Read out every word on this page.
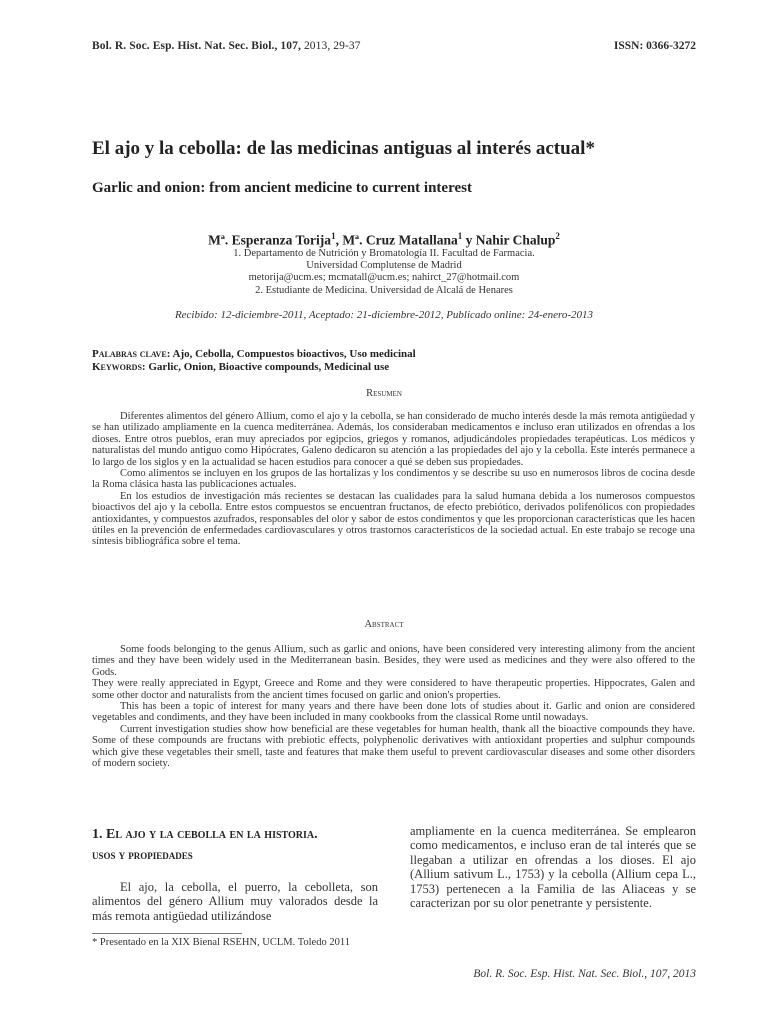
Bol. R. Soc. Esp. Hist. Nat. Sec. Biol., 107, 2013, 29-37	ISSN: 0366-3272
El ajo y la cebolla: de las medicinas antiguas al interés actual*
Garlic and onion: from ancient medicine to current interest
Mª. Esperanza Torija$^1$, Mª. Cruz Matallana$^1$ y Nahir Chalup$^2$
1. Departamento de Nutrición y Bromatología II. Facultad de Farmacia.
Universidad Complutense de Madrid
metorija@ucm.es; mcmatall@ucm.es; nahirct_27@hotmail.com
2. Estudiante de Medicina. Universidad de Alcalá de Henares
Recibido: 12-diciembre-2011, Aceptado: 21-diciembre-2012, Publicado online: 24-enero-2013
Palabras clave: Ajo, Cebolla, Compuestos bioactivos, Uso medicinal
Keywords: Garlic, Onion, Bioactive compounds, Medicinal use
Resumen

Diferentes alimentos del género Allium, como el ajo y la cebolla, se han considerado de mucho interés desde la más remota antigüedad y se han utilizado ampliamente en la cuenca mediterránea. Además, los consideraban medicamentos e incluso eran utilizados en ofrendas a los dioses. Entre otros pueblos, eran muy apreciados por egipcios, griegos y romanos, adjudicándoles propiedades terapéuticas. Los médicos y naturalistas del mundo antiguo como Hipócrates, Galeno dedicaron su atención a las propiedades del ajo y la cebolla. Este interés permanece a lo largo de los siglos y en la actualidad se hacen estudios para conocer a qué se deben sus propiedades.

Como alimentos se incluyen en los grupos de las hortalizas y los condimentos y se describe su uso en numerosos libros de cocina desde la Roma clásica hasta las publicaciones actuales.

En los estudios de investigación más recientes se destacan las cualidades para la salud humana debida a los numerosos compuestos bioactivos del ajo y la cebolla. Entre estos compuestos se encuentran fructanos, de efecto prebiótico, derivados polifenólicos con propiedades antioxidantes, y compuestos azufrados, responsables del olor y sabor de estos condimentos y que les proporcionan características que les hacen útiles en la prevención de enfermedades cardiovasculares y otros trastornos característicos de la sociedad actual. En este trabajo se recoge una síntesis bibliográfica sobre el tema.

Abstract

Some foods belonging to the genus Allium, such as garlic and onions, have been considered very interesting alimony from the ancient times and they have been widely used in the Mediterranean basin. Besides, they were used as medicines and they were also offered to the Gods.

They were really appreciated in Egypt, Greece and Rome and they were considered to have therapeutic properties. Hippocrates, Galen and some other doctor and naturalists from the ancient times focused on garlic and onion's properties.

This has been a topic of interest for many years and there have been done lots of studies about it. Garlic and onion are considered vegetables and condiments, and they have been included in many cookbooks from the classical Rome until nowadays.

Current investigation studies show how beneficial are these vegetables for human health, thank all the bioactive compounds they have. Some of these compounds are fructans with prebiotic effects, polyphenolic derivatives with antioxidant properties and sulphur compounds which give these vegetables their smell, taste and features that make them useful to prevent cardiovascular diseases and some other disorders of modern society.

1. El ajo y la cebolla en la historia.
usos y propiedades

El ajo, la cebolla, el puerro, la cebolleta, son alimentos del género Allium muy valorados desde la más remota antigüedad utilizándose

ampliamente en la cuenca mediterránea. Se emplearon como medicamentos, e incluso eran de tal interés que se llegaban a utilizar en ofrendas a los dioses. El ajo (Allium sativum L., 1753) y la cebolla (Allium cepa L., 1753) pertenecen a la Familia de las Aliaceas y se caracterizan por su olor penetrante y persistente.

* Presentado en la XIX Bienal RSEHN, UCLM. Toledo 2011
Bol. R. Soc. Esp. Hist. Nat. Sec. Biol., 107, 2013
